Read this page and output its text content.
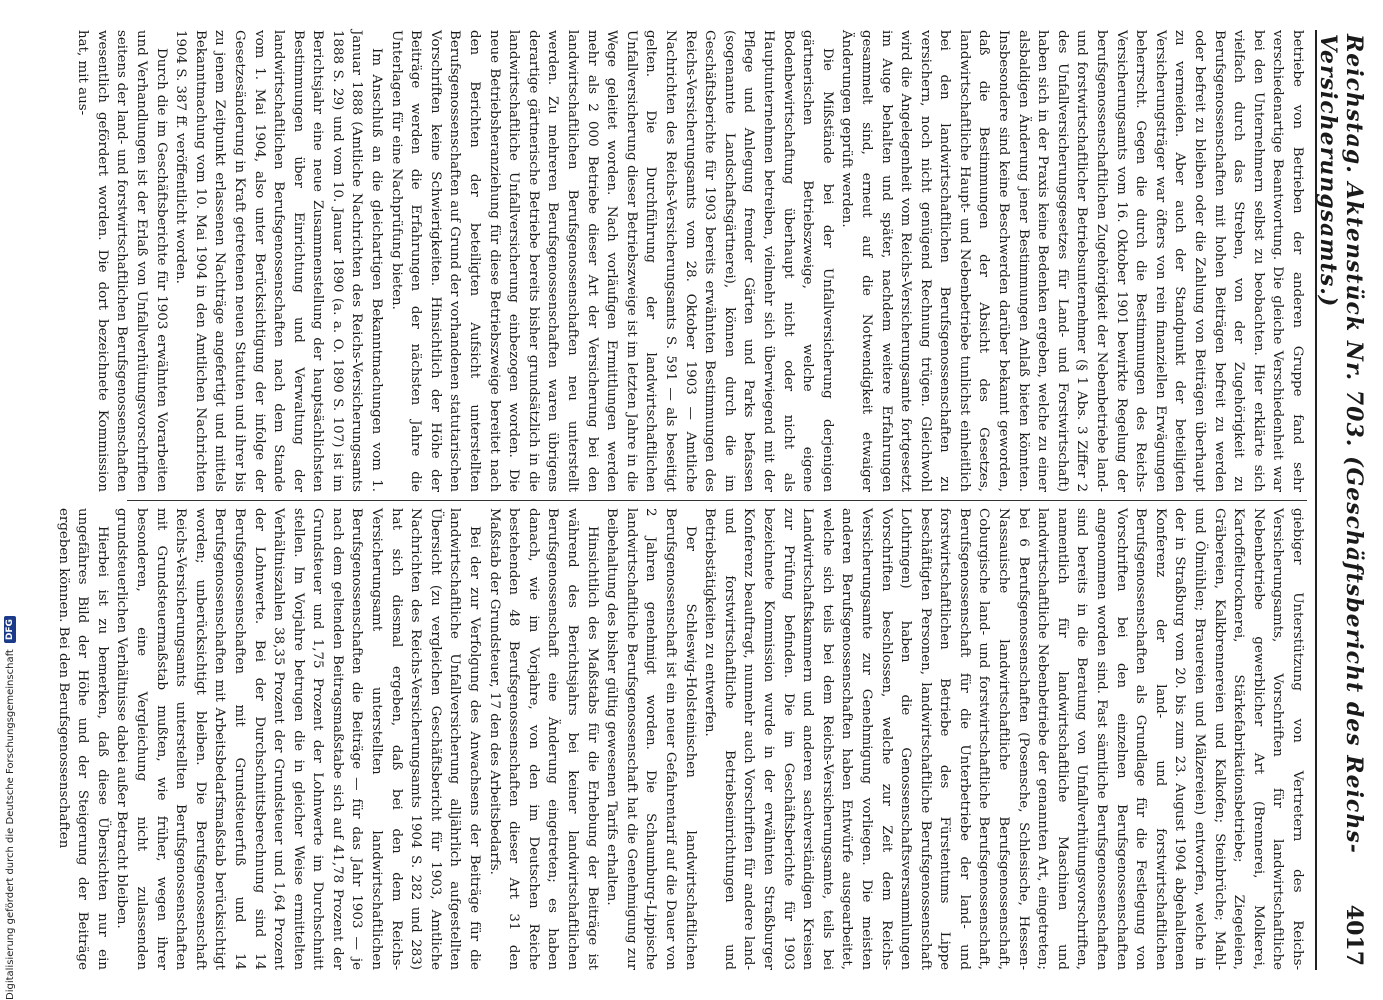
Reichstag. Aktenstück Nr. 703. (Geschäftsbericht des Reichs-Versicherungsamts.)
4017

betriebe von Betrieben der anderen Gruppe fand sehr verschiedenartige Beantwortung. Die gleiche Verschiedenheit war bei den Unternehmern selbst zu beobachten. Hier erklärte sich vielfach durch das Streben, von der Zugehörigkeit zu Berufsgenossenschaften mit hohen Beiträgen befreit zu werden oder befreit zu bleiben oder die Zahlung von Beiträgen überhaupt zu vermeiden. Aber auch der Standpunkt der beteiligten Versicherungsträger war öfters von rein finanziellen Erwägungen beherrscht. Gegen die durch die Bestimmungen des Reichs-Versicherungsamts vom 16. Oktober 1901 bewirkte Regelung der berufsgenossenschaftlichen Zugehörigkeit der Nebenbetriebe land- und forstwirtschaftlicher Betriebsunternehmer (§ 1 Abs. 3 Ziffer 2 des Unfallversicherungsgesetzes für Land- und Forstwirtschaft) haben sich in der Praxis keine Bedenken ergeben, welche zu einer alsbaldigen Änderung jener Bestimmungen Anlaß bieten könnten. Insbesondere sind keine Beschwerden darüber bekannt geworden, daß die Bestimmungen der Absicht des Gesetzes, landwirtschaftliche Haupt- und Nebenbetriebe tunlichst einheitlich bei den landwirtschaftlichen Berufsgenossenschaften zu versichern, noch nicht genügend Rechnung trügen. Gleichwohl wird die Angelegenheit vom Reichs-Versicherungsamte fortgesetzt im Auge behalten und später, nachdem weitere Erfahrungen gesammelt sind, erneut auf die Notwendigkeit etwaiger Änderungen geprüft werden.

Die Mißstände bei der Unfallversicherung derjenigen gärtnerischen Betriebszweige, welche eigene Bodenbewirtschaftung überhaupt nicht oder nicht als Hauptunternehmen betreiben, vielmehr sich überwiegend mit der Pflege und Anlegung fremder Gärten und Parks befassen (sogenannte Landschaftsgärtnerei), können durch die im Geschäftsberichte für 1903 bereits erwähnten Bestimmungen des Reichs-Versicherungsamts vom 28. Oktober 1903 — Amtliche Nachrichten des Reichs-Versicherungsamts S. 591 — als beseitigt gelten. Die Durchführung der landwirtschaftlichen Unfallversicherung dieser Betriebszweige ist im letzten Jahre in die Wege geleitet worden. Nach vorläufigen Ermittlungen werden mehr als 2 000 Betriebe dieser Art der Versicherung bei den landwirtschaftlichen Berufsgenossenschaften neu unterstellt werden. Zu mehreren Berufsgenossenschaften waren übrigens derartige gärtnerische Betriebe bereits bisher grundsätzlich in die landwirtschaftliche Unfallversicherung einbezogen worden. Die neue Betriebsheranziehung für diese Betriebszweige bereitet nach den Berichten der beteiligten Aufsicht unterstellten Berufsgenossenschaften auf Grund der vorhandenen statutarischen Vorschriften keine Schwierigkeiten. Hinsichtlich der Höhe der Beiträge werden die Erfahrungen der nächsten Jahre die Unterlagen für eine Nachprüfung bieten.

Im Anschluß an die gleichartigen Bekanntmachungen vom 1. Januar 1888 (Amtliche Nachrichten des Reichs-Versicherungsamts 1888 S. 29) und vom 10. Januar 1890 (a. a. O. 1890 S. 107) ist im Berichtsjahr eine neue Zusammenstellung der hauptsächlichsten Bestimmungen über Einrichtung und Verwaltung der landwirtschaftlichen Berufsgenossenschaften nach dem Stande vom 1. Mai 1904, also unter Berücksichtigung der infolge der Gesetzesänderung in Kraft getretenen neuen Statuten und ihrer bis zu jenem Zeitpunkt erlassenen Nachträge angefertigt und mittels Bekanntmachung vom 10. Mai 1904 in den Amtlichen Nachrichten 1904 S. 387 ff. veröffentlicht worden.

Durch die im Geschäftsberichte für 1903 erwähnten Vorarbeiten und Verhandlungen ist der Erlaß von Unfallverhütungsvorschriften seitens der land- und forstwirtschaftlichen Berufsgenossenschaften wesentlich gefördert worden. Die dort bezeichnete Kommission hat, mit aus-

giebiger Unterstützung von Vertretern des Reichs-Versicherungsamts, Vorschriften für landwirtschaftliche Nebenbetriebe gewerblicher Art (Brennerei, Molkerei, Kartoffeltrocknerei, Stärkefabrikationsbetriebe; Ziegeleien, Gräbereien, Kalkbrennereien und Kalkofen; Steinbrüche; Mahl- und Ölmühlen; Brauereien und Mälzereien) entworfen, welche in der in Straßburg vom 20. bis zum 23. August 1904 abgehaltenen Konferenz der land- und forstwirtschaftlichen Berufsgenossenschaften als Grundlage für die Festlegung von Vorschriften bei den einzelnen Berufsgenossenschaften angenommen worden sind. Fast sämtliche Berufsgenossenschaften sind bereits in die Beratung von Unfallverhütungsvorschriften, namentlich für landwirtschaftliche Maschinen und landwirtschaftliche Nebenbetriebe der genannten Art, eingetreten; bei 6 Berufsgenossenschaften (Posensche, Schlesische, Hessen-Nassauische landwirtschaftliche Berufsgenossenschaft, Coburgische land- und forstwirtschaftliche Berufsgenossenschaft, Berufsgenossenschaft für die Unterbetriebe der land- und forstwirtschaftlichen Betriebe des Fürstentums Lippe beschäftigten Personen, landwirtschaftliche Berufsgenossenschaft Lothringen) haben die Genossenschaftsversammlungen Vorschriften beschlossen, welche zur Zeit dem Reichs-Versicherungsamte zur Genehmigung vorliegen. Die meisten anderen Berufsgenossenschaften haben Entwürfe ausgearbeitet, welche sich teils bei dem Reichs-Versicherungsamte, teils bei Landwirtschaftskammern und anderen sachverständigen Kreisen zur Prüfung befinden. Die im Geschäftsberichte für 1903 bezeichnete Kommission wurde in der erwähnten Straßburger Konferenz beauftragt, nunmehr auch Vorschriften für andere land- und forstwirtschaftliche Betriebseinrichtungen und Betriebstätigkeiten zu entwerfen.

Der Schleswig-Holsteinischen landwirtschaftlichen Berufsgenossenschaft ist ein neuer Gefahrentarif auf die Dauer von 2 Jahren genehmigt worden. Die Schaumburg-Lippische landwirtschaftliche Berufsgenossenschaft hat die Genehmigung zur Beibehaltung des bisher gültig gewesenen Tarifs erhalten.

Hinsichtlich des Maßstabs für die Erhebung der Beiträge ist während des Berichtsjahrs bei keiner landwirtschaftlichen Berufsgenossenschaft eine Änderung eingetreten; es haben danach, wie im Vorjahre, von den im Deutschen Reiche bestehenden 48 Berufsgenossenschaften dieser Art 31 den Maßstab der Grundsteuer, 17 den des Arbeitsbedarfs.

Bei der zur Verfolgung des Anwachsens der Beiträge für die landwirtschaftliche Unfallversicherung alljährlich aufgestellten Übersicht (zu vergleichen Geschäftsbericht für 1903, Amtliche Nachrichten des Reichs-Versicherungsamts 1904 S. 282 und 283) hat sich diesmal ergeben, daß bei den dem Reichs-Versicherungsamt unterstellten landwirtschaftlichen Berufsgenossenschaften die Beiträge — für das Jahr 1903 — je nach dem geltenden Beitragsmaßstabe sich auf 41,78 Prozent der Grundsteuer und 1,75 Prozent der Lohnwerte im Durchschnitt stellen. Im Vorjahre betrugen die in gleicher Weise ermittelten Verhältniszahlen 38,35 Prozent der Grundsteuer und 1,64 Prozent der Lohnwerte. Bei der Durchschnittsberechnung sind 14 Berufsgenossenschaften mit Grundsteuerfuß und 14 Berufsgenossenschaften mit Arbeitsbedarfsmaßstab berücksichtigt worden; unberücksichtigt bleiben. Die Berufsgenossenschaft Reichs-Versicherungsamts unterstellten Berufsgenossenschaften mit Grundsteuermaßstab mußten, wie früher, wegen ihrer besonderen, eine Vergleichung nicht zulassenden grundsteuerlichen Verhältnisse dabei außer Betracht bleiben.

Hierbei ist zu bemerken, daß diese Übersichten nur ein ungefähres Bild der Höhe und der Steigerung der Beiträge ergeben können. Bei den Berufsgenossenschaften

Digitalisierung gefördert durch die Deutsche Forschungsgemeinschaft
DFG
